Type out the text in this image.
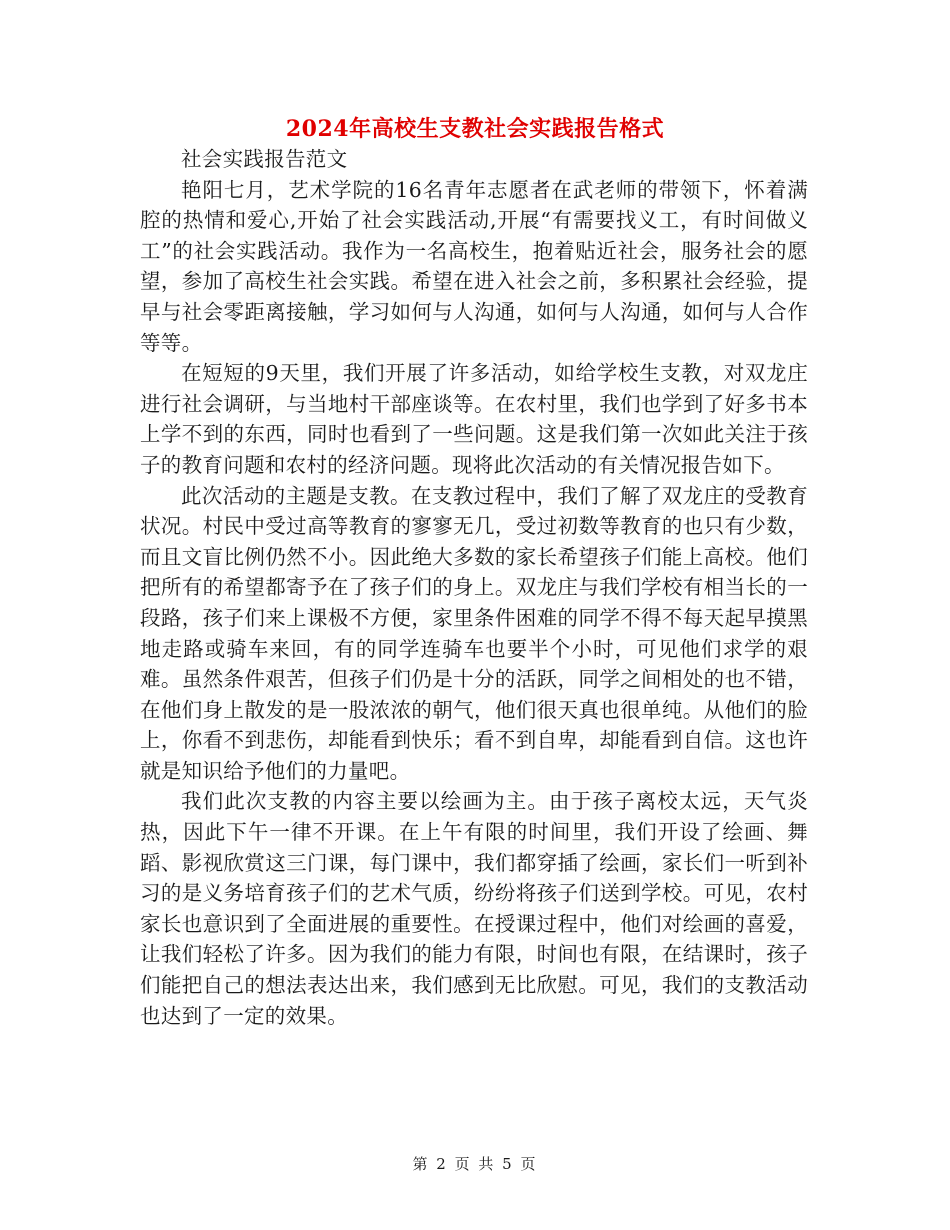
2024年高校生支教社会实践报告格式

社会实践报告范文

艳阳七月，艺术学院的16名青年志愿者在武老师的带领下，怀着满腔的热情和爱心,开始了社会实践活动,开展“有需要找义工，有时间做义工”的社会实践活动。我作为一名高校生，抱着贴近社会，服务社会的愿望，参加了高校生社会实践。希望在进入社会之前，多积累社会经验，提早与社会零距离接触，学习如何与人沟通，如何与人沟通，如何与人合作等等。

在短短的9天里，我们开展了许多活动，如给学校生支教，对双龙庄进行社会调研，与当地村干部座谈等。在农村里，我们也学到了好多书本上学不到的东西，同时也看到了一些问题。这是我们第一次如此关注于孩子的教育问题和农村的经济问题。现将此次活动的有关情况报告如下。

此次活动的主题是支教。在支教过程中，我们了解了双龙庄的受教育状况。村民中受过高等教育的寥寥无几，受过初数等教育的也只有少数，而且文盲比例仍然不小。因此绝大多数的家长希望孩子们能上高校。他们把所有的希望都寄予在了孩子们的身上。双龙庄与我们学校有相当长的一段路，孩子们来上课极不方便，家里条件困难的同学不得不每天起早摸黑地走路或骑车来回，有的同学连骑车也要半个小时，可见他们求学的艰难。虽然条件艰苦，但孩子们仍是十分的活跃，同学之间相处的也不错，在他们身上散发的是一股浓浓的朝气，他们很天真也很单纯。从他们的脸上，你看不到悲伤，却能看到快乐；看不到自卑，却能看到自信。这也许就是知识给予他们的力量吧。

我们此次支教的内容主要以绘画为主。由于孩子离校太远，天气炎热，因此下午一律不开课。在上午有限的时间里，我们开设了绘画、舞蹈、影视欣赏这三门课，每门课中，我们都穿插了绘画，家长们一听到补习的是义务培育孩子们的艺术气质，纷纷将孩子们送到学校。可见，农村家长也意识到了全面进展的重要性。在授课过程中，他们对绘画的喜爱，让我们轻松了许多。因为我们的能力有限，时间也有限，在结课时，孩子们能把自己的想法表达出来，我们感到无比欣慰。可见，我们的支教活动也达到了一定的效果。

第 2 页 共 5 页
